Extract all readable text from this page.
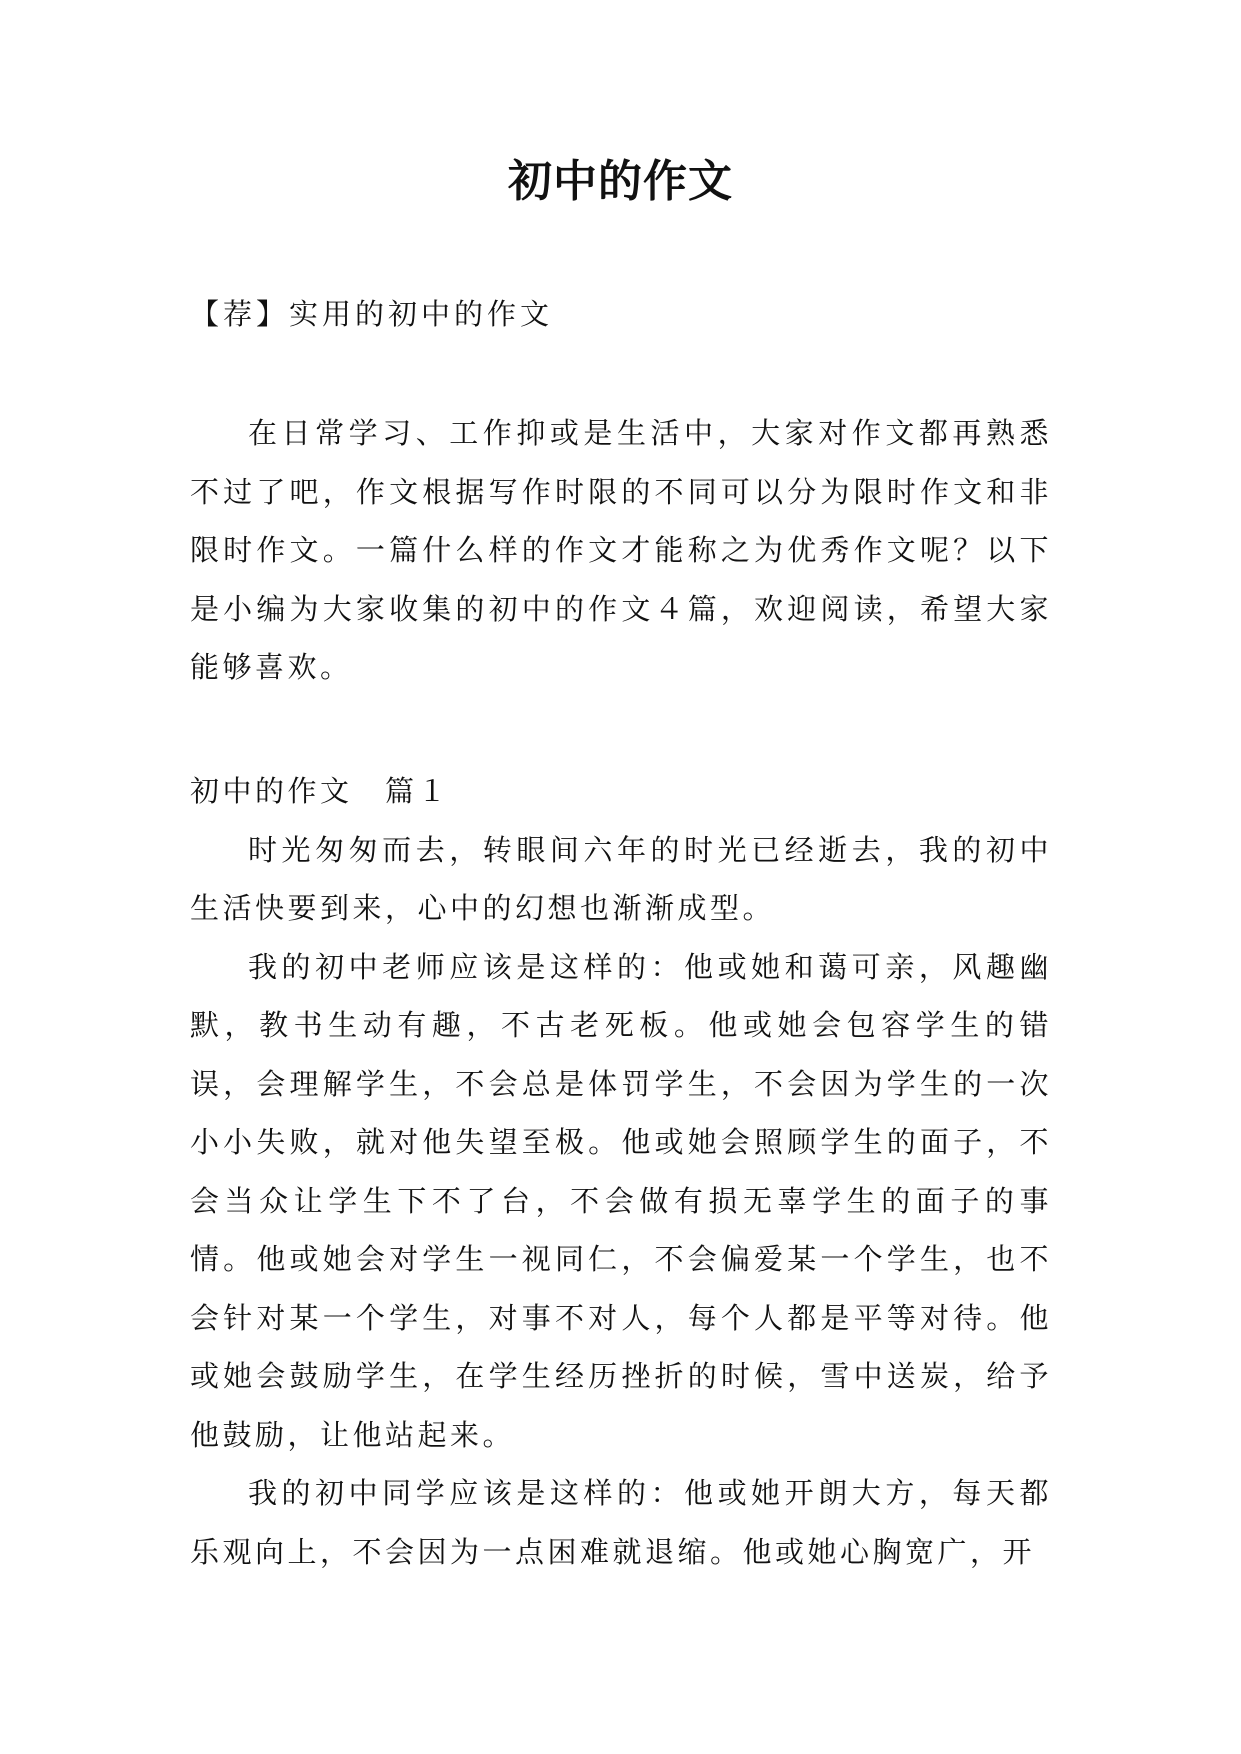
初中的作文

【荐】实用的初中的作文

在日常学习、工作抑或是生活中，大家对作文都再熟悉不过了吧，作文根据写作时限的不同可以分为限时作文和非限时作文。一篇什么样的作文才能称之为优秀作文呢？以下是小编为大家收集的初中的作文４篇，欢迎阅读，希望大家能够喜欢。

初中的作文　篇１

时光匆匆而去，转眼间六年的时光已经逝去，我的初中生活快要到来，心中的幻想也渐渐成型。

我的初中老师应该是这样的：他或她和蔼可亲，风趣幽默，教书生动有趣，不古老死板。他或她会包容学生的错误，会理解学生，不会总是体罚学生，不会因为学生的一次小小失败，就对他失望至极。他或她会照顾学生的面子，不会当众让学生下不了台，不会做有损无辜学生的面子的事情。他或她会对学生一视同仁，不会偏爱某一个学生，也不会针对某一个学生，对事不对人，每个人都是平等对待。他或她会鼓励学生，在学生经历挫折的时候，雪中送炭，给予他鼓励，让他站起来。

我的初中同学应该是这样的：他或她开朗大方，每天都乐观向上，不会因为一点困难就退缩。他或她心胸宽广，开
